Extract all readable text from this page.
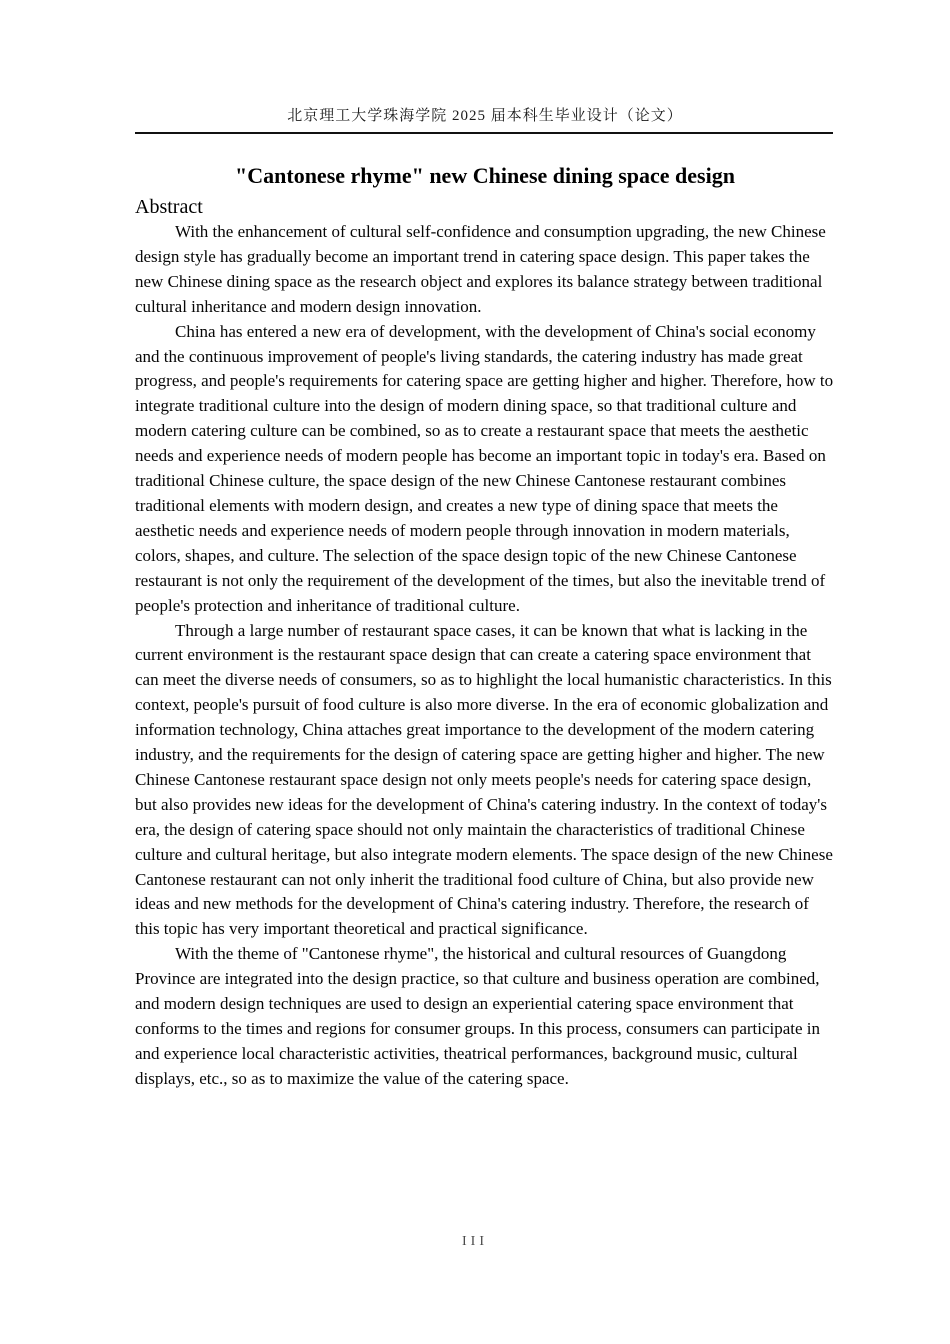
北京理工大学珠海学院 2025 届本科生毕业设计（论文）
"Cantonese rhyme" new Chinese dining space design
Abstract

With the enhancement of cultural self-confidence and consumption upgrading, the new Chinese design style has gradually become an important trend in catering space design. This paper takes the new Chinese dining space as the research object and explores its balance strategy between traditional cultural inheritance and modern design innovation.

China has entered a new era of development, with the development of China's social economy and the continuous improvement of people's living standards, the catering industry has made great progress, and people's requirements for catering space are getting higher and higher. Therefore, how to integrate traditional culture into the design of modern dining space, so that traditional culture and modern catering culture can be combined, so as to create a restaurant space that meets the aesthetic needs and experience needs of modern people has become an important topic in today's era. Based on traditional Chinese culture, the space design of the new Chinese Cantonese restaurant combines traditional elements with modern design, and creates a new type of dining space that meets the aesthetic needs and experience needs of modern people through innovation in modern materials, colors, shapes, and culture. The selection of the space design topic of the new Chinese Cantonese restaurant is not only the requirement of the development of the times, but also the inevitable trend of people's protection and inheritance of traditional culture.

Through a large number of restaurant space cases, it can be known that what is lacking in the current environment is the restaurant space design that can create a catering space environment that can meet the diverse needs of consumers, so as to highlight the local humanistic characteristics. In this context, people's pursuit of food culture is also more diverse. In the era of economic globalization and information technology, China attaches great importance to the development of the modern catering industry, and the requirements for the design of catering space are getting higher and higher. The new Chinese Cantonese restaurant space design not only meets people's needs for catering space design, but also provides new ideas for the development of China's catering industry. In the context of today's era, the design of catering space should not only maintain the characteristics of traditional Chinese culture and cultural heritage, but also integrate modern elements. The space design of the new Chinese Cantonese restaurant can not only inherit the traditional food culture of China, but also provide new ideas and new methods for the development of China's catering industry. Therefore, the research of this topic has very important theoretical and practical significance.

With the theme of "Cantonese rhyme", the historical and cultural resources of Guangdong Province are integrated into the design practice, so that culture and business operation are combined, and modern design techniques are used to design an experiential catering space environment that conforms to the times and regions for consumer groups. In this process, consumers can participate in and experience local characteristic activities, theatrical performances, background music, cultural displays, etc., so as to maximize the value of the catering space.

III
